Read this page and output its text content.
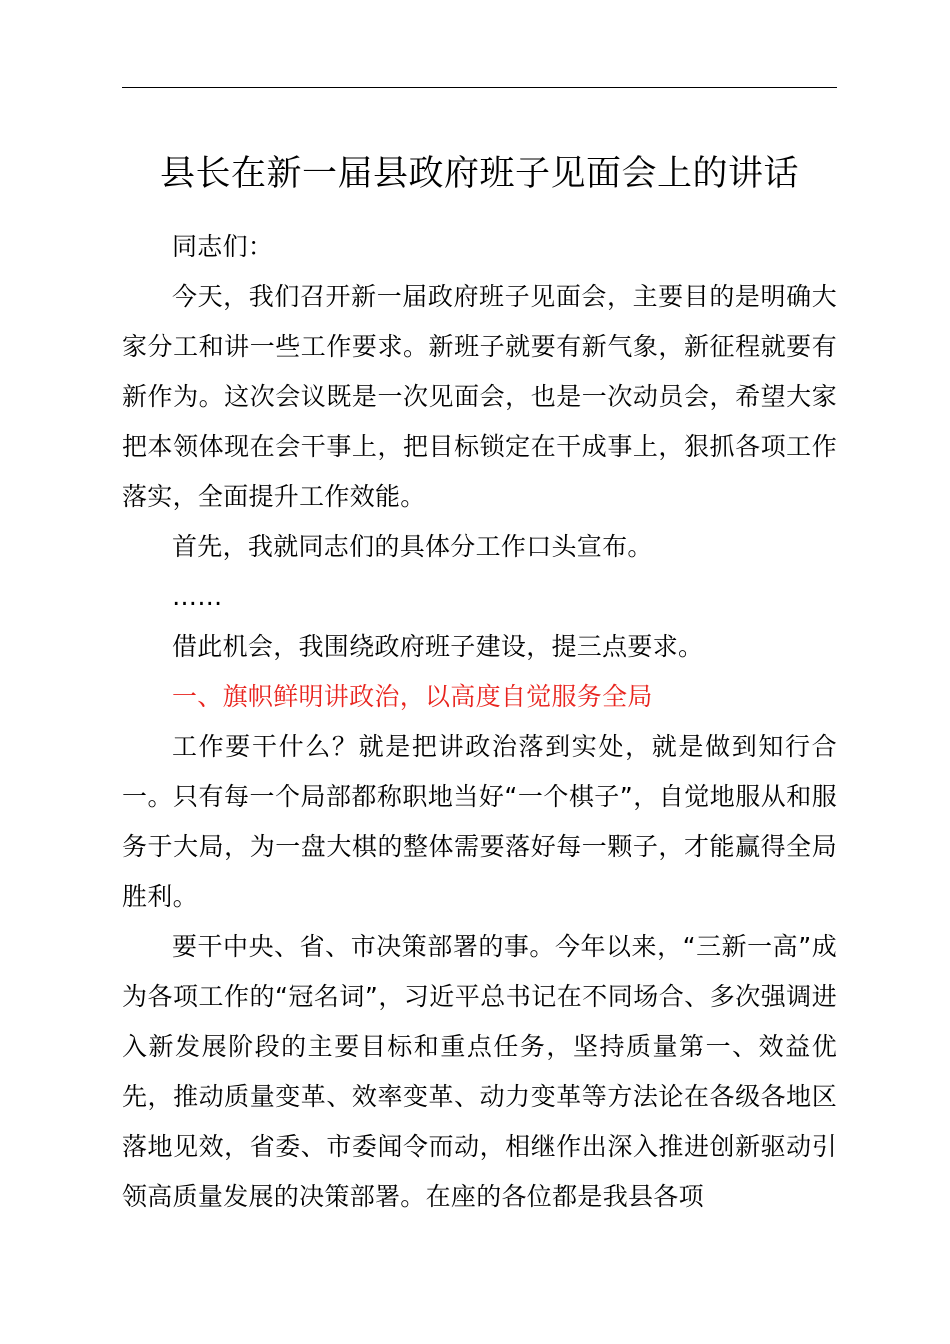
县长在新一届县政府班子见面会上的讲话

同志们：

今天，我们召开新一届政府班子见面会，主要目的是明确大家分工和讲一些工作要求。新班子就要有新气象，新征程就要有新作为。这次会议既是一次见面会，也是一次动员会，希望大家把本领体现在会干事上，把目标锁定在干成事上，狠抓各项工作落实，全面提升工作效能。

首先，我就同志们的具体分工作口头宣布。

……

借此机会，我围绕政府班子建设，提三点要求。

一、旗帜鲜明讲政治，以高度自觉服务全局

工作要干什么？就是把讲政治落到实处，就是做到知行合一。只有每一个局部都称职地当好“一个棋子”，自觉地服从和服务于大局，为一盘大棋的整体需要落好每一颗子，才能赢得全局胜利。

要干中央、省、市决策部署的事。今年以来，“三新一高”成为各项工作的“冠名词”，习近平总书记在不同场合、多次强调进入新发展阶段的主要目标和重点任务，坚持质量第一、效益优先，推动质量变革、效率变革、动力变革等方法论在各级各地区落地见效，省委、市委闻令而动，相继作出深入推进创新驱动引领高质量发展的决策部署。在座的各位都是我县各项
